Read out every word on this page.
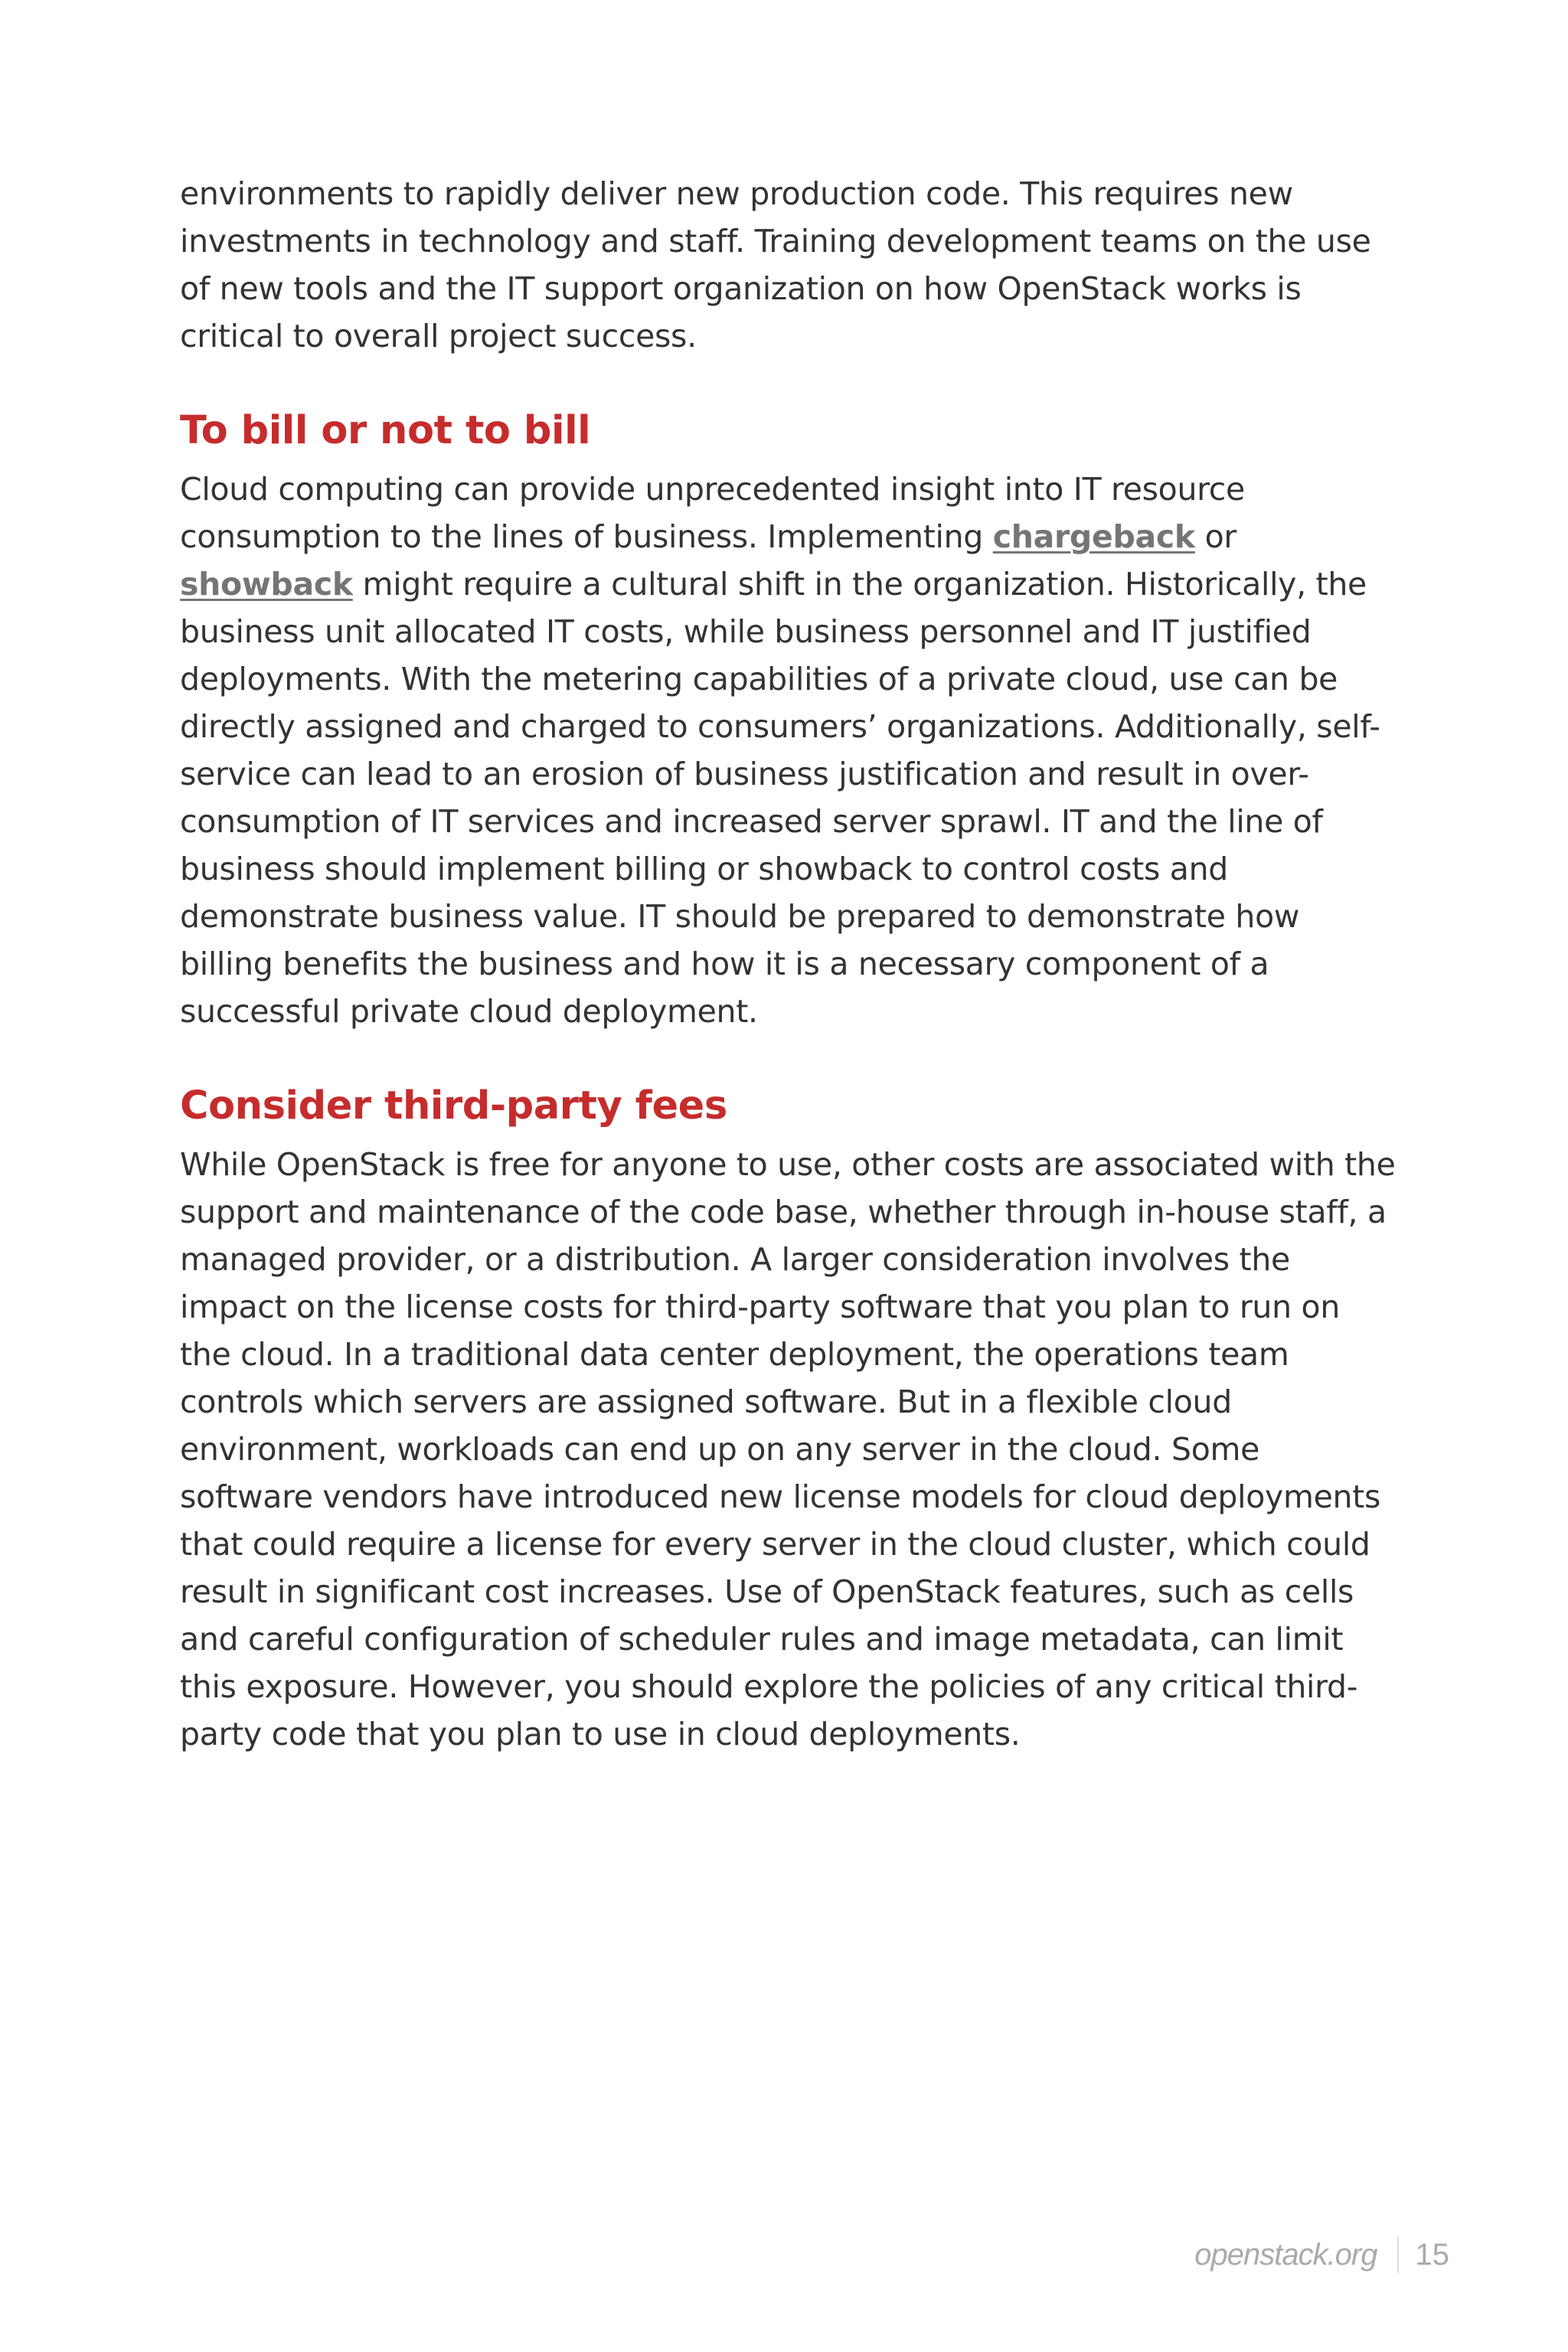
environments to rapidly deliver new production code. This requires new investments in technology and staff. Training development teams on the use of new tools and the IT support organization on how OpenStack works is critical to overall project success.

To bill or not to bill

Cloud computing can provide unprecedented insight into IT resource consumption to the lines of business. Implementing chargeback or showback might require a cultural shift in the organization. Historically, the business unit allocated IT costs, while business personnel and IT justified deployments. With the metering capabilities of a private cloud, use can be directly assigned and charged to consumers’ organizations. Additionally, self-service can lead to an erosion of business justification and result in over-consumption of IT services and increased server sprawl. IT and the line of business should implement billing or showback to control costs and demonstrate business value. IT should be prepared to demonstrate how billing benefits the business and how it is a necessary component of a successful private cloud deployment.

Consider third-party fees

While OpenStack is free for anyone to use, other costs are associated with the support and maintenance of the code base, whether through in-house staff, a managed provider, or a distribution. A larger consideration involves the impact on the license costs for third-party software that you plan to run on the cloud. In a traditional data center deployment, the operations team controls which servers are assigned software. But in a flexible cloud environment, workloads can end up on any server in the cloud. Some software vendors have introduced new license models for cloud deployments that could require a license for every server in the cloud cluster, which could result in significant cost increases. Use of OpenStack features, such as cells and careful configuration of scheduler rules and image metadata, can limit this exposure. However, you should explore the policies of any critical third-party code that you plan to use in cloud deployments.

openstack.org 15
